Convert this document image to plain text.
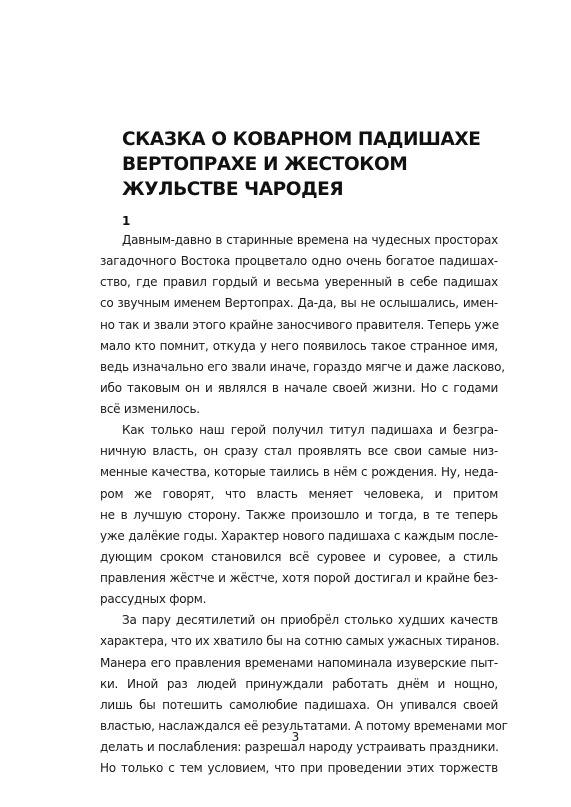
СКАЗКА О КОВАРНОМ ПАДИШАХЕ
ВЕРТОПРАХЕ И ЖЕСТОКОМ
ЖУЛЬСТВЕ ЧАРОДЕЯ
1
Давным-давно в старинные времена на чудесных просторах
загадочного Востока процветало одно очень богатое падишах-
ство, где правил гордый и весьма уверенный в себе падишах
со звучным именем Вертопрах. Да-да, вы не ослышались, имен-
но так и звали этого крайне заносчивого правителя. Теперь уже
мало кто помнит, откуда у него появилось такое странное имя,
ведь изначально его звали иначе, гораздо мягче и даже ласково,
ибо таковым он и являлся в начале своей жизни. Но с годами
всё изменилось.
Как только наш герой получил титул падишаха и безгра-
ничную власть, он сразу стал проявлять все свои самые низ-
менные качества, которые таились в нём с рождения. Ну, недa-
ром же говорят, что власть меняет человека, и притом
не в лучшую сторону. Также произошло и тогда, в те теперь
уже далёкие годы. Характер нового падишаха с каждым после-
дующим сроком становился всё суровее и суровее, а стиль
правления жёстче и жёстче, хотя порой достигал и крайне без-
рассудных форм.
За пару десятилетий он приобрёл столько худших качеств
характера, что их хватило бы на сотню самых ужасных тиранов.
Манера его правления временами напоминала изуверские пыт-
ки. Иной раз людей принуждали работать днём и нощно,
лишь бы потешить самолюбие падишаха. Он упивался своей
властью, наслаждался её результатами. А потому временами мог
делать и послабления: разрешал народу устраивать праздники.
Но только с тем условием, что при проведении этих торжеств
3
